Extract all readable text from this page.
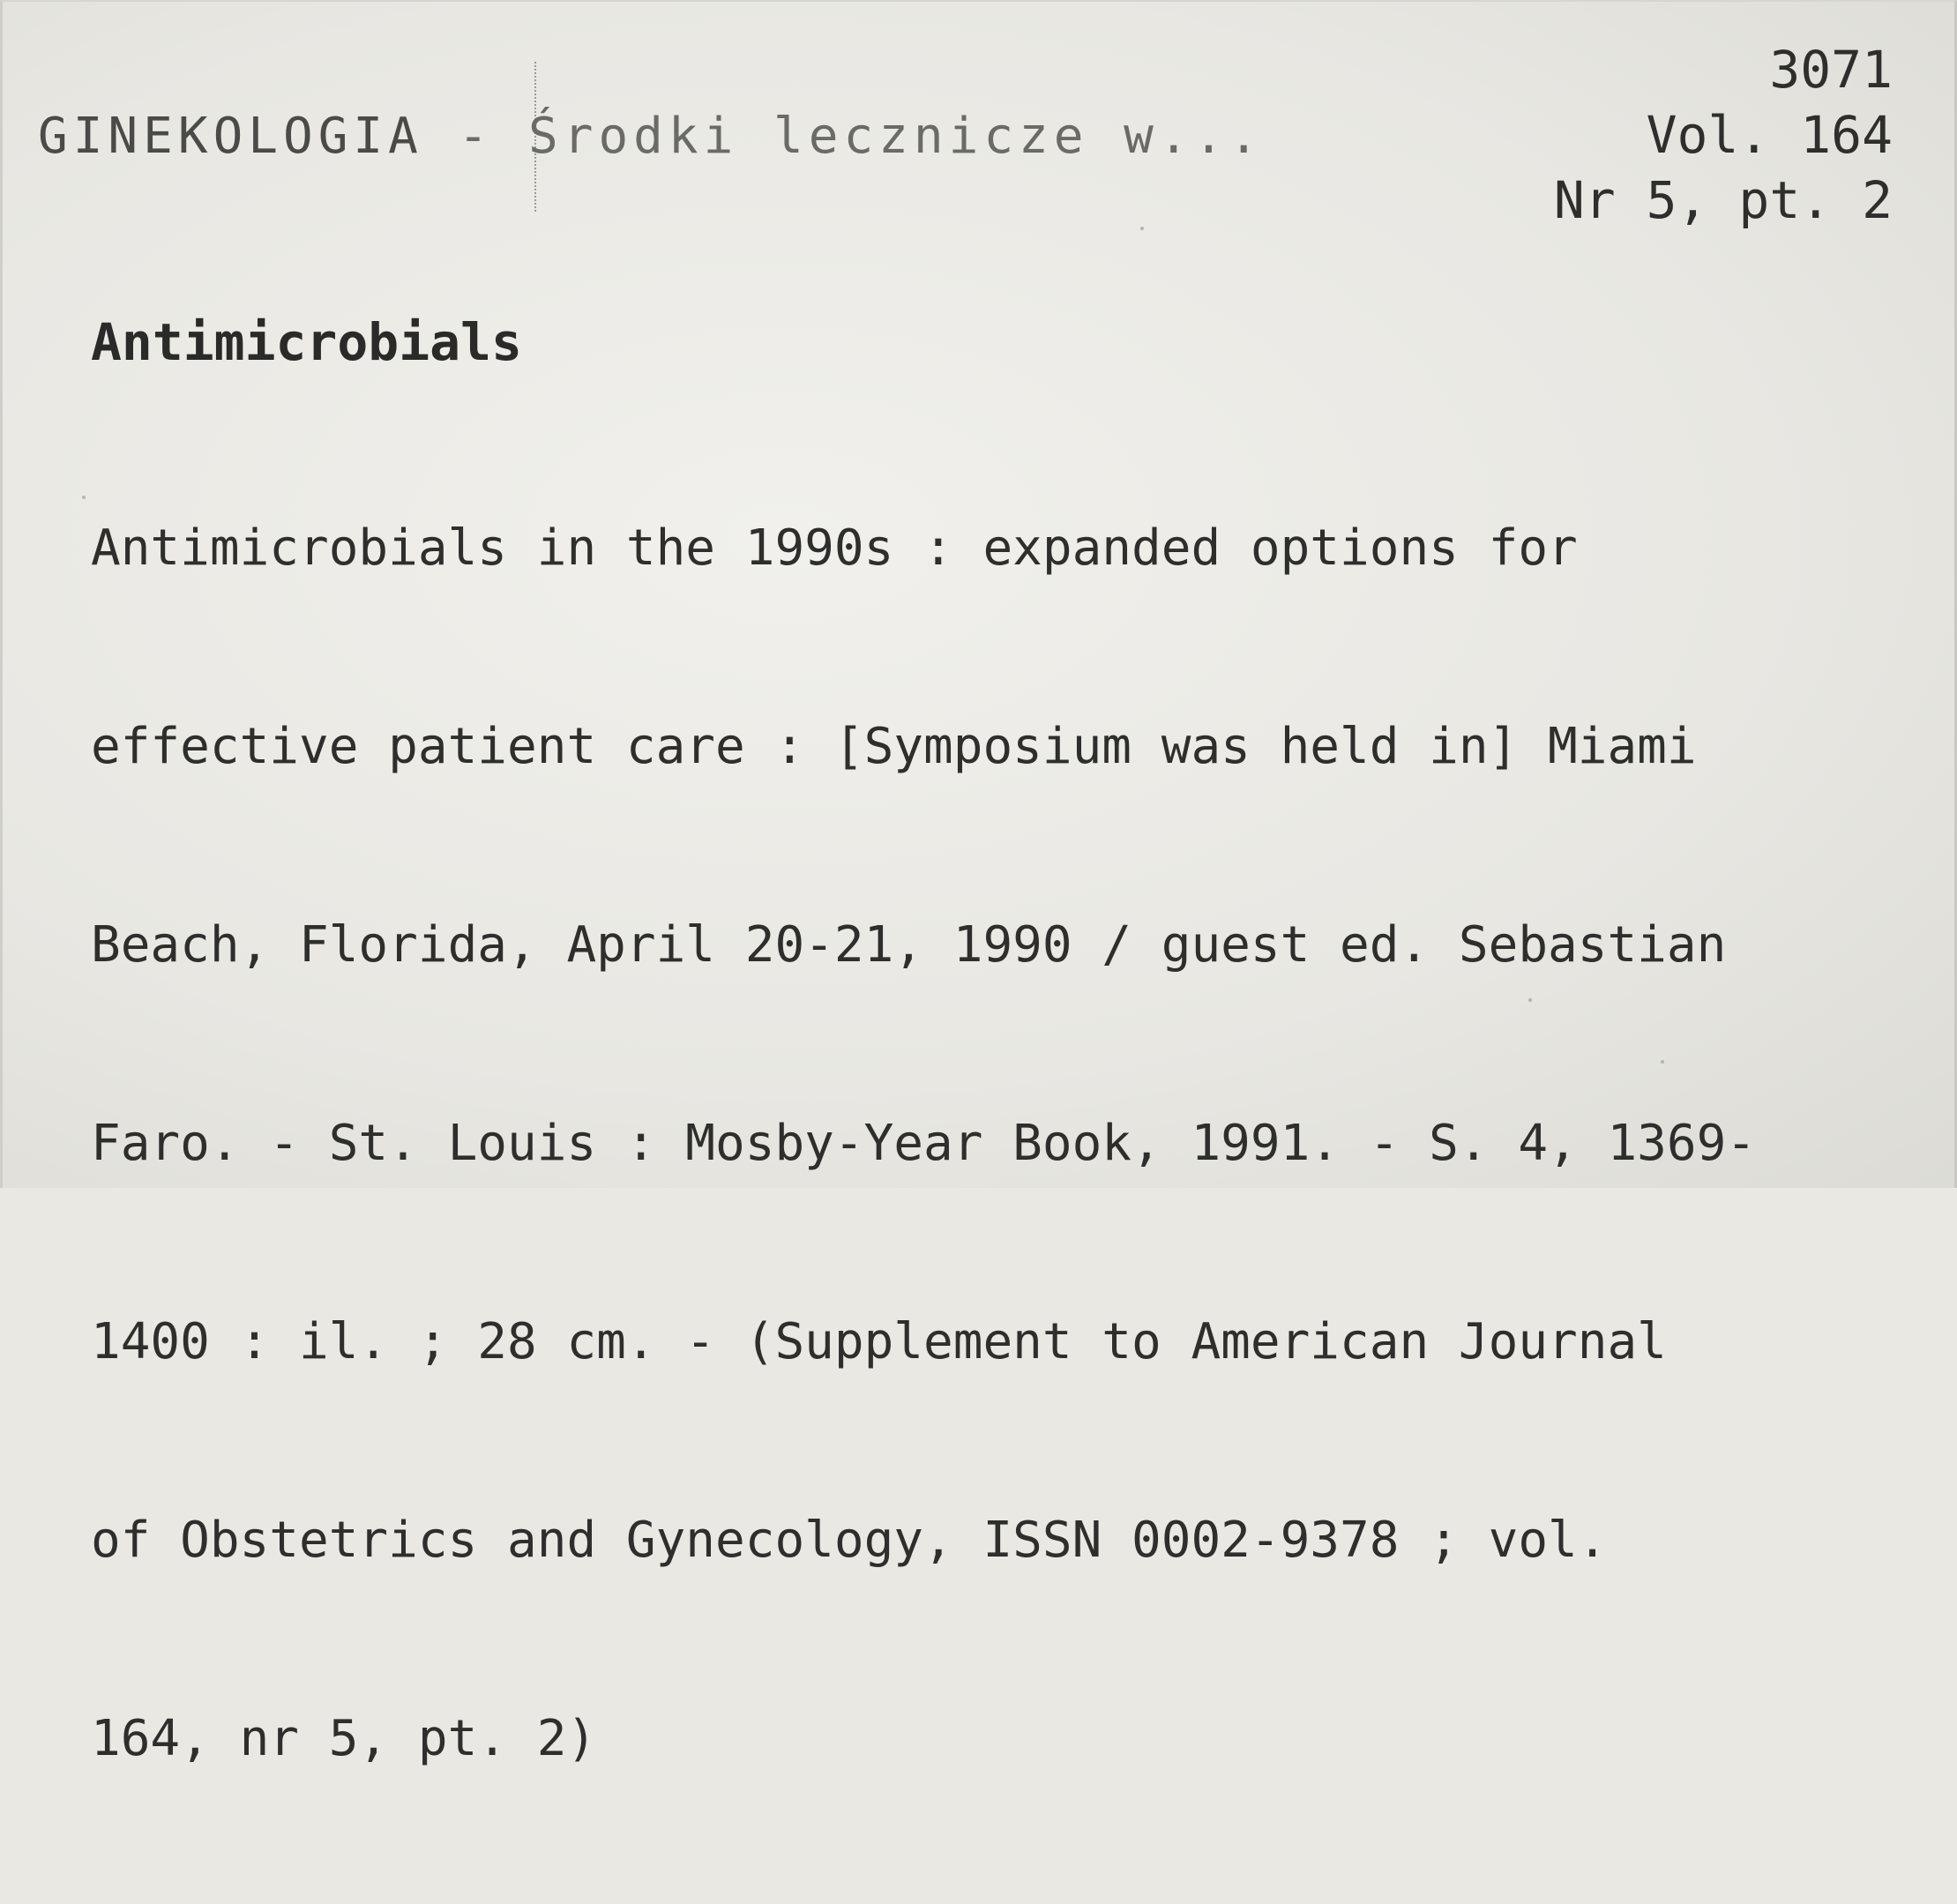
GINEKOLOGIA - Środki lecznicze w...
3071
Vol. 164
Nr 5, pt. 2
Antimicrobials

Antimicrobials in the 1990s : expanded options for

effective patient care : [Symposium was held in] Miami

Beach, Florida, April 20-21, 1990 / guest ed. Sebastian

Faro. - St. Louis : Mosby-Year Book, 1991. - S. 4, 1369-

1400 : il. ; 28 cm. - (Supplement to American Journal

of Obstetrics and Gynecology, ISSN 0002-9378 ; vol.

164, nr 5, pt. 2)
